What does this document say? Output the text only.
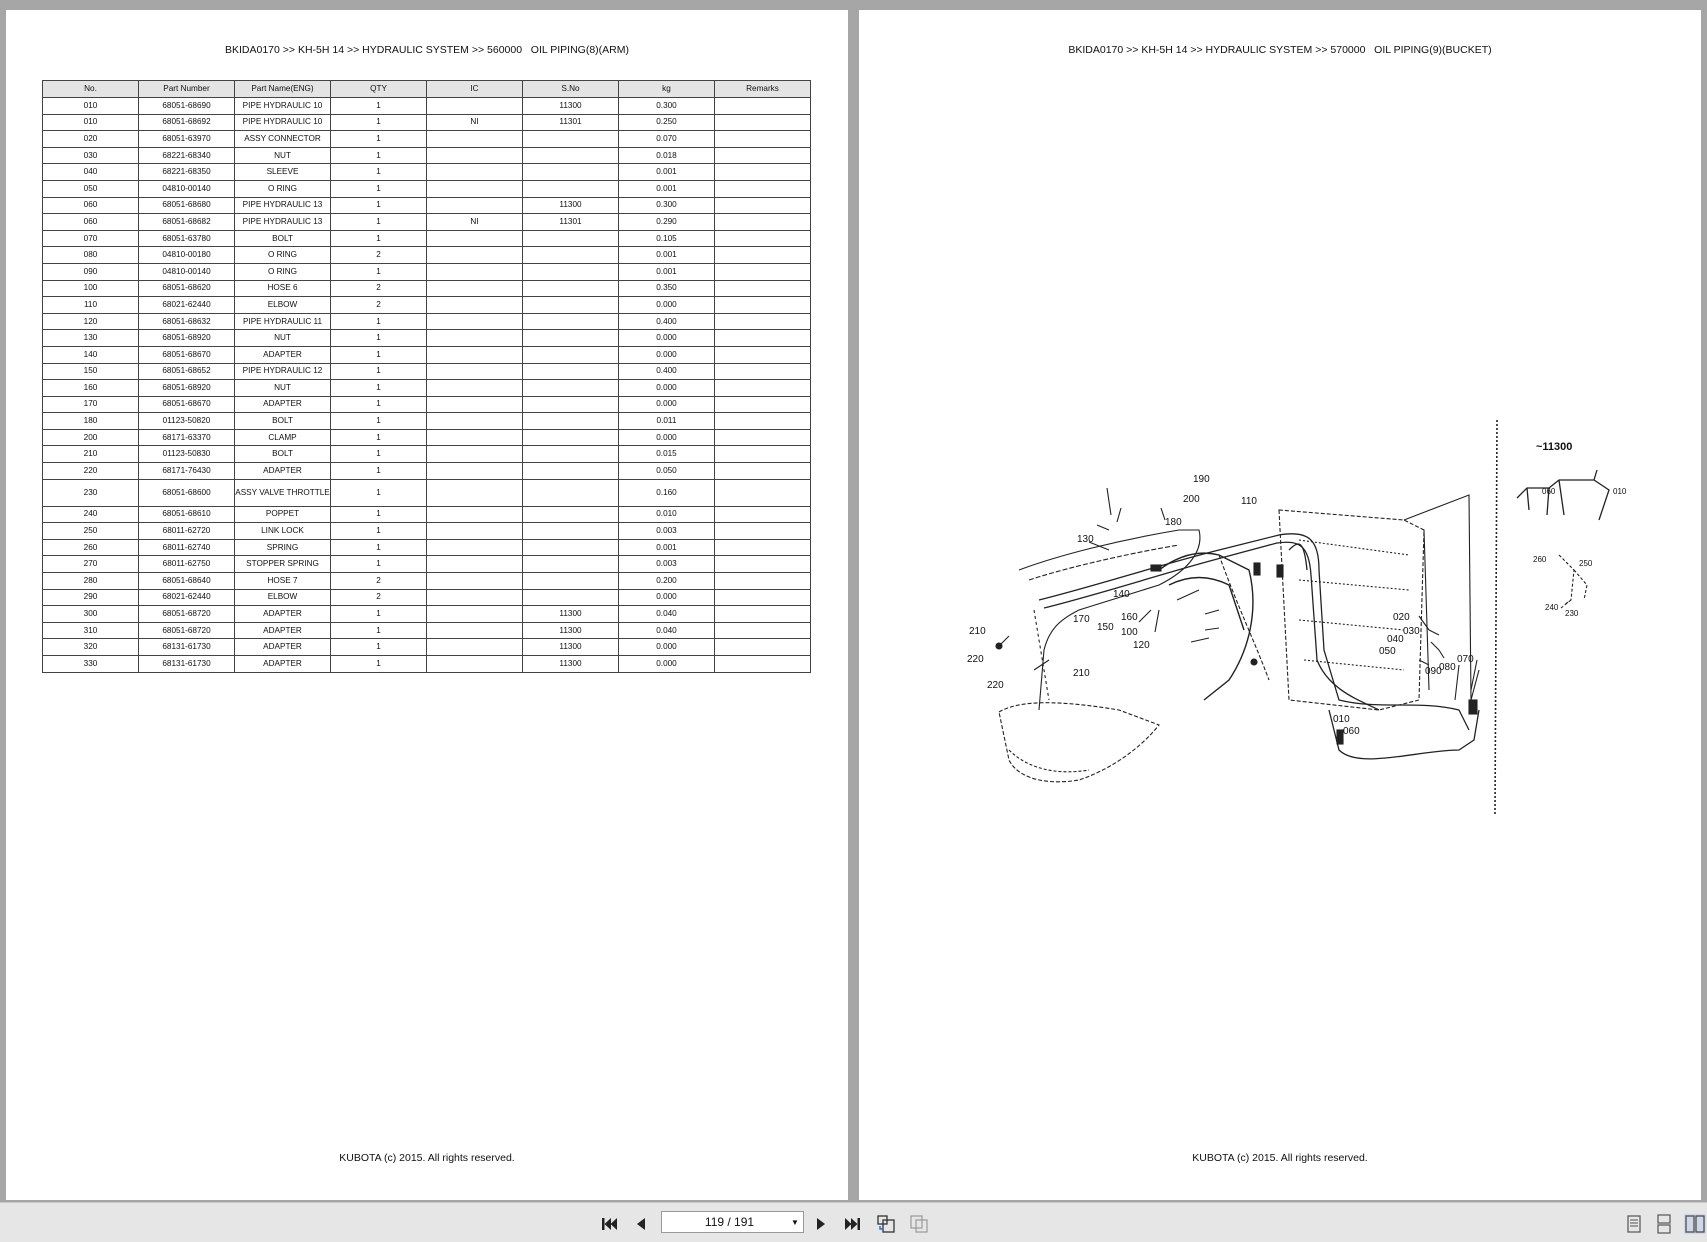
BKIDA0170 >> KH-5H 14 >> HYDRAULIC SYSTEM >> 560000   OIL PIPING(8)(ARM)
No.	Part Number	Part Name(ENG)	QTY	IC	S.No	kg	Remarks
010	68051-68690	PIPE HYDRAULIC 10	1		11300	0.300	
010	68051-68692	PIPE HYDRAULIC 10	1	NI	11301	0.250	
020	68051-63970	ASSY CONNECTOR	1			0.070	
030	68221-68340	NUT	1			0.018	
040	68221-68350	SLEEVE	1			0.001	
050	04810-00140	O RING	1			0.001	
060	68051-68680	PIPE HYDRAULIC 13	1		11300	0.300	
060	68051-68682	PIPE HYDRAULIC 13	1	NI	11301	0.290	
070	68051-63780	BOLT	1			0.105	
080	04810-00180	O RING	2			0.001	
090	04810-00140	O RING	1			0.001	
100	68051-68620	HOSE 6	2			0.350	
110	68021-62440	ELBOW	2			0.000	
120	68051-68632	PIPE HYDRAULIC 11	1			0.400	
130	68051-68920	NUT	1			0.000	
140	68051-68670	ADAPTER	1			0.000	
150	68051-68652	PIPE HYDRAULIC 12	1			0.400	
160	68051-68920	NUT	1			0.000	
170	68051-68670	ADAPTER	1			0.000	
180	01123-50820	BOLT	1			0.011	
200	68171-63370	CLAMP	1			0.000	
210	01123-50830	BOLT	1			0.015	
220	68171-76430	ADAPTER	1			0.050	
230	68051-68600	ASSY VALVE THROTTLE	1			0.160	
240	68051-68610	POPPET	1			0.010	
250	68011-62720	LINK LOCK	1			0.003	
260	68011-62740	SPRING	1			0.001	
270	68011-62750	STOPPER SPRING	1			0.003	
280	68051-68640	HOSE 7	2			0.200	
290	68021-62440	ELBOW	2			0.000	
300	68051-68720	ADAPTER	1		11300	0.040	
310	68051-68720	ADAPTER	1		11300	0.040	
320	68131-61730	ADAPTER	1		11300	0.000	
330	68131-61730	ADAPTER	1		11300	0.000	
KUBOTA (c) 2015. All rights reserved.
BKIDA0170 >> KH-5H 14 >> HYDRAULIC SYSTEM >> 570000   OIL PIPING(9)(BUCKET)
~11300
190
200	110
180
130
140
170
150
160
100
120
210
220
210
220
020
030
040
050
090
080
070
010
060
060	010
260	250
240
230
KUBOTA (c) 2015. All rights reserved.
119 / 191	▼
